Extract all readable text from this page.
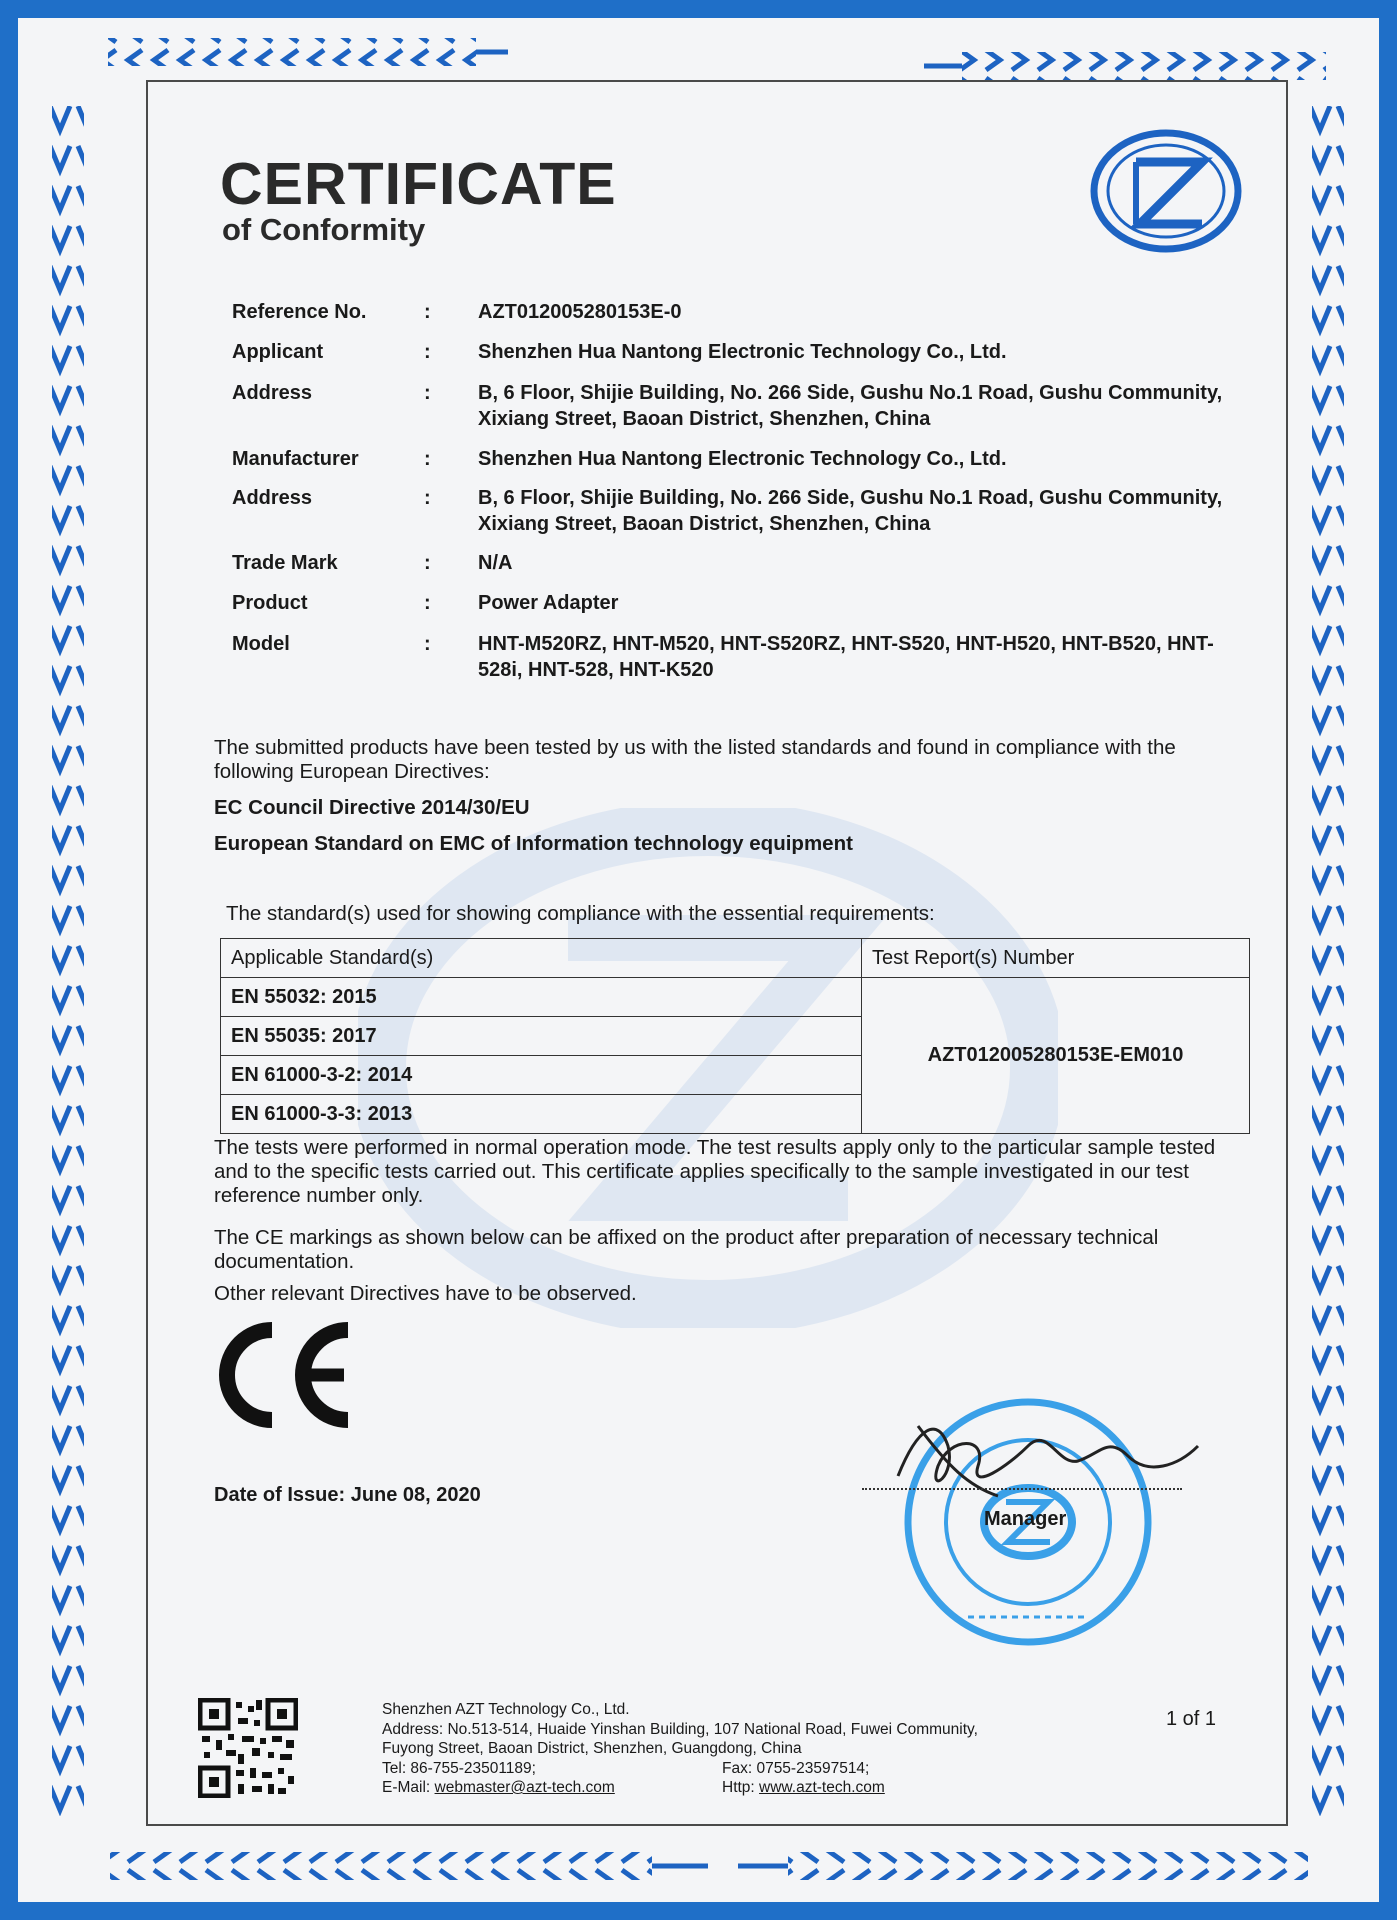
CERTIFICATE
of Conformity
Reference No.	: AZT012005280153E-0
Applicant	: Shenzhen Hua Nantong Electronic Technology Co., Ltd.
Address	: B, 6 Floor, Shijie Building, No. 266 Side, Gushu No.1 Road, Gushu Community, Xixiang Street, Baoan District, Shenzhen, China
Manufacturer	: Shenzhen Hua Nantong Electronic Technology Co., Ltd.
Address	: B, 6 Floor, Shijie Building, No. 266 Side, Gushu No.1 Road, Gushu Community, Xixiang Street, Baoan District, Shenzhen, China
Trade Mark	: N/A
Product	: Power Adapter
Model	: HNT-M520RZ, HNT-M520, HNT-S520RZ, HNT-S520, HNT-H520, HNT-B520, HNT-528i, HNT-528, HNT-K520

The submitted products have been tested by us with the listed standards and found in compliance with the following European Directives:

EC Council Directive 2014/30/EU

European Standard on EMC of Information technology equipment

The standard(s) used for showing compliance with the essential requirements:

Applicable Standard(s)	Test Report(s) Number
EN 55032: 2015	AZT012005280153E-EM010
EN 55035: 2017	
EN 61000-3-2: 2014	
EN 61000-3-3: 2013	

The tests were performed in normal operation mode. The test results apply only to the particular sample tested and to the specific tests carried out. This certificate applies specifically to the sample investigated in our test reference number only.

The CE markings as shown below can be affixed on the product after preparation of necessary technical documentation.

Other relevant Directives have to be observed.

Date of Issue: June 08, 2020
Manager
Shenzhen AZT Technology Co., Ltd.
Address: No.513-514, Huaide Yinshan Building, 107 National Road, Fuwei Community,
Fuyong Street, Baoan District, Shenzhen, Guangdong, China
Tel: 86-755-23501189;	Fax: 0755-23597514;
E-Mail: webmaster@azt-tech.com	Http: www.azt-tech.com
1 of 1
